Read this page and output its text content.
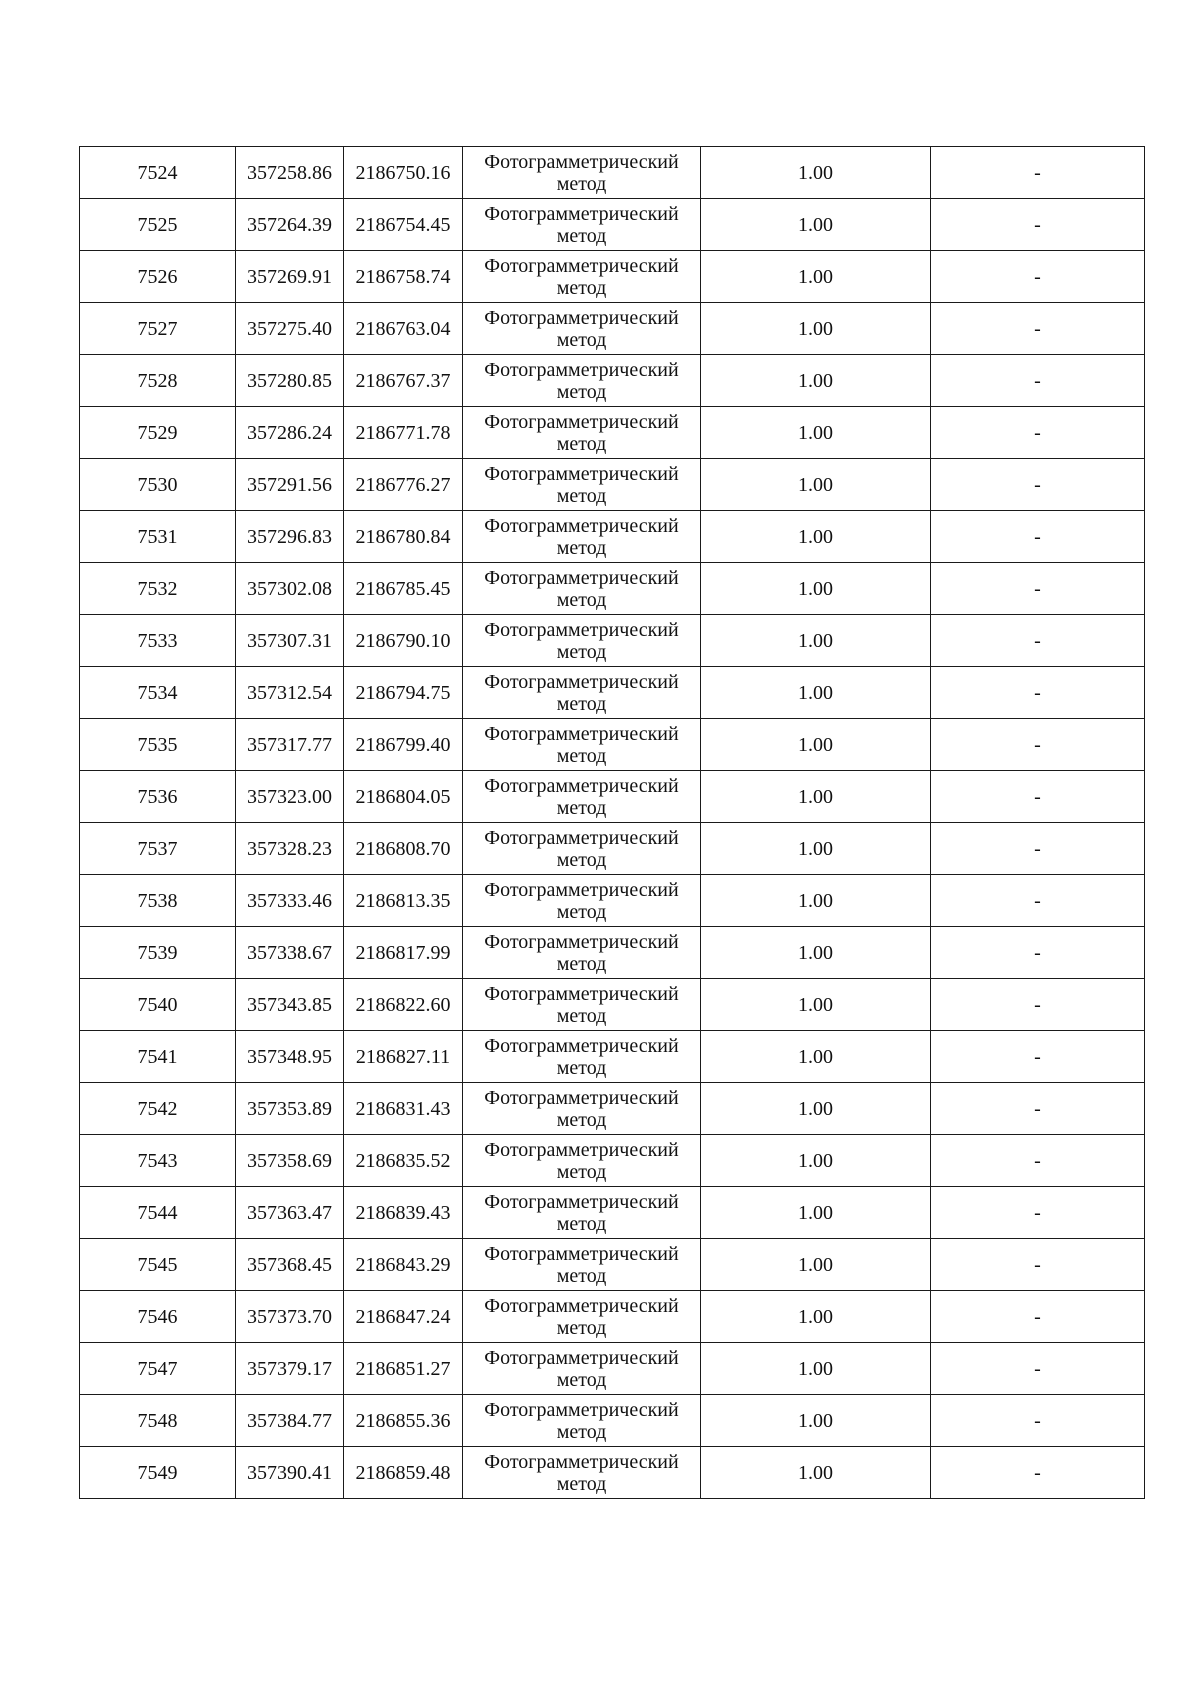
7524	357258.86	2186750.16	Фотограмметрический
метод	1.00	-
7525	357264.39	2186754.45	Фотограмметрический
метод	1.00	-
7526	357269.91	2186758.74	Фотограмметрический
метод	1.00	-
7527	357275.40	2186763.04	Фотограмметрический
метод	1.00	-
7528	357280.85	2186767.37	Фотограмметрический
метод	1.00	-
7529	357286.24	2186771.78	Фотограмметрический
метод	1.00	-
7530	357291.56	2186776.27	Фотограмметрический
метод	1.00	-
7531	357296.83	2186780.84	Фотограмметрический
метод	1.00	-
7532	357302.08	2186785.45	Фотограмметрический
метод	1.00	-
7533	357307.31	2186790.10	Фотограмметрический
метод	1.00	-
7534	357312.54	2186794.75	Фотограмметрический
метод	1.00	-
7535	357317.77	2186799.40	Фотограмметрический
метод	1.00	-
7536	357323.00	2186804.05	Фотограмметрический
метод	1.00	-
7537	357328.23	2186808.70	Фотограмметрический
метод	1.00	-
7538	357333.46	2186813.35	Фотограмметрический
метод	1.00	-
7539	357338.67	2186817.99	Фотограмметрический
метод	1.00	-
7540	357343.85	2186822.60	Фотограмметрический
метод	1.00	-
7541	357348.95	2186827.11	Фотограмметрический
метод	1.00	-
7542	357353.89	2186831.43	Фотограмметрический
метод	1.00	-
7543	357358.69	2186835.52	Фотограмметрический
метод	1.00	-
7544	357363.47	2186839.43	Фотограмметрический
метод	1.00	-
7545	357368.45	2186843.29	Фотограмметрический
метод	1.00	-
7546	357373.70	2186847.24	Фотограмметрический
метод	1.00	-
7547	357379.17	2186851.27	Фотограмметрический
метод	1.00	-
7548	357384.77	2186855.36	Фотограмметрический
метод	1.00	-
7549	357390.41	2186859.48	Фотограмметрический
метод	1.00	-
